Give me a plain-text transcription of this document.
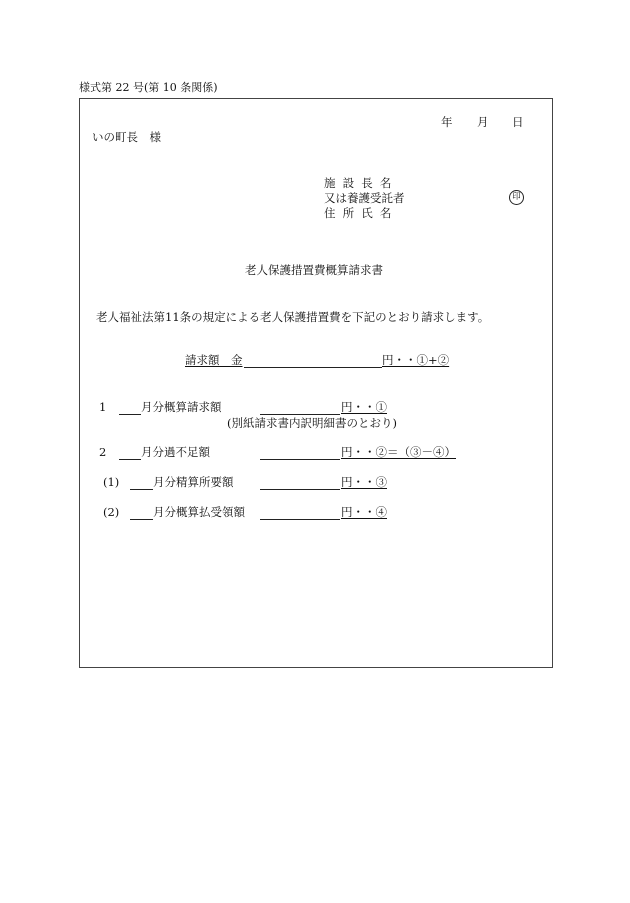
様式第 22 号(第 10 条関係)
年 月 日
いの町長　様
施設長名
又は養護受託者
住所氏名
印
老人保護措置費概算請求書
老人福祉法第11条の規定による老人保護措置費を下記のとおり請求します。
請求額　金	円・・①+②
1	月分概算請求額	円・・①
(別紙請求書内訳明細書のとおり)
2	月分過不足額	円・・②＝（③－④）
(1)	月分精算所要額	円・・③
(2)	月分概算払受領額	円・・④
